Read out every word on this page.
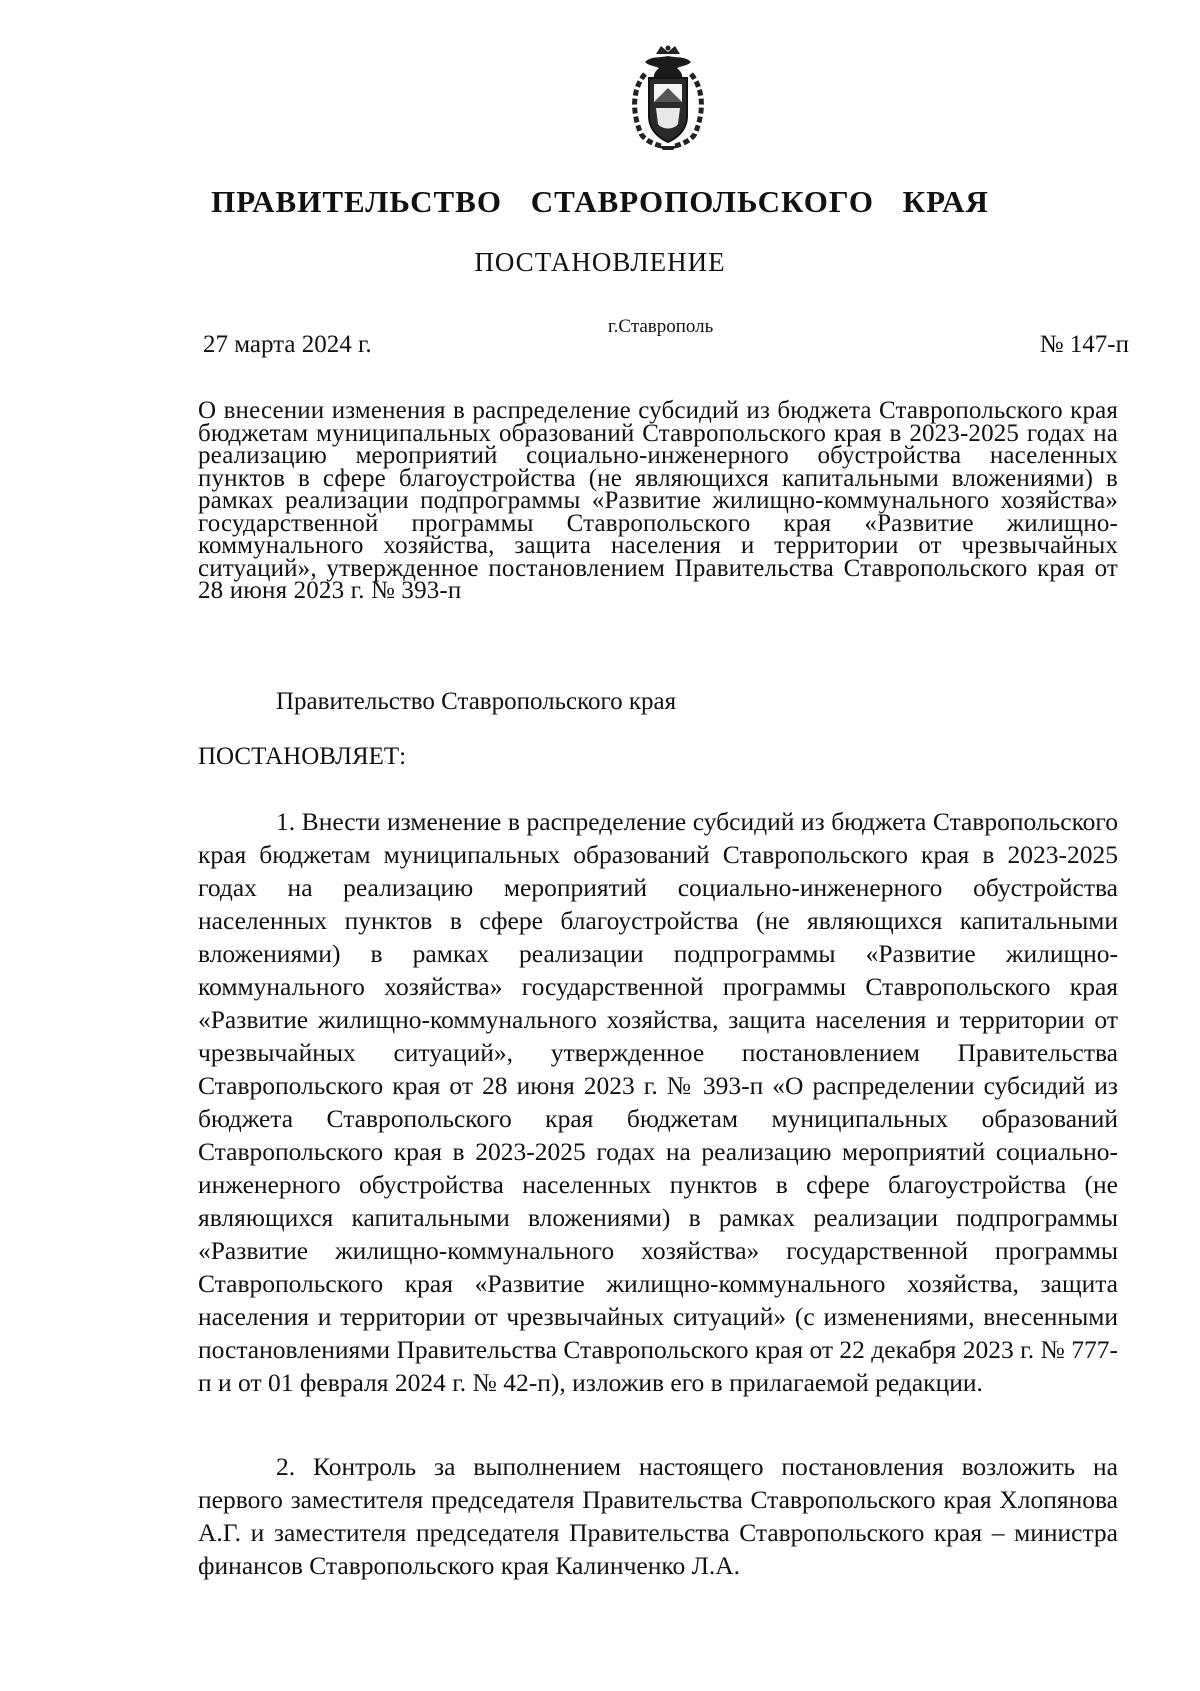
ПРАВИТЕЛЬСТВО СТАВРОПОЛЬСКОГО КРАЯ
ПОСТАНОВЛЕНИЕ
27 марта 2024 г.
г.Ставрополь
№ 147-п
О внесении изменения в распределение субсидий из бюджета Ставропольского края бюджетам муниципальных образований Ставропольского края в 2023-2025 годах на реализацию мероприятий социально-инженерного обустройства населенных пунктов в сфере благоустройства (не являющихся капитальными вложениями) в рамках реализации подпрограммы «Развитие жилищно-коммунального хозяйства» государственной программы Ставропольского края «Развитие жилищно-коммунального хозяйства, защита населения и территории от чрезвычайных ситуаций», утвержденное постановлением Правительства Ставропольского края от 28 июня 2023 г. № 393-п
Правительство Ставропольского края
ПОСТАНОВЛЯЕТ:
1. Внести изменение в распределение субсидий из бюджета Ставропольского края бюджетам муниципальных образований Ставропольского края в 2023-2025 годах на реализацию мероприятий социально-инженерного обустройства населенных пунктов в сфере благоустройства (не являющихся капитальными вложениями) в рамках реализации подпрограммы «Развитие жилищно-коммунального хозяйства» государственной программы Ставропольского края «Развитие жилищно-коммунального хозяйства, защита населения и территории от чрезвычайных ситуаций», утвержденное постановлением Правительства Ставропольского края от 28 июня 2023 г. № 393-п «О распределении субсидий из бюджета Ставропольского края бюджетам муниципальных образований Ставропольского края в 2023-2025 годах на реализацию мероприятий социально-инженерного обустройства населенных пунктов в сфере благоустройства (не являющихся капитальными вложениями) в рамках реализации подпрограммы «Развитие жилищно-коммунального хозяйства» государственной программы Ставропольского края «Развитие жилищно-коммунального хозяйства, защита населения и территории от чрезвычайных ситуаций» (с изменениями, внесенными постановлениями Правительства Ставропольского края от 22 декабря 2023 г. № 777-п и от 01 февраля 2024 г. № 42-п), изложив его в прилагаемой редакции.
2. Контроль за выполнением настоящего постановления возложить на первого заместителя председателя Правительства Ставропольского края Хлопянова А.Г. и заместителя председателя Правительства Ставропольского края – министра финансов Ставропольского края Калинченко Л.А.
